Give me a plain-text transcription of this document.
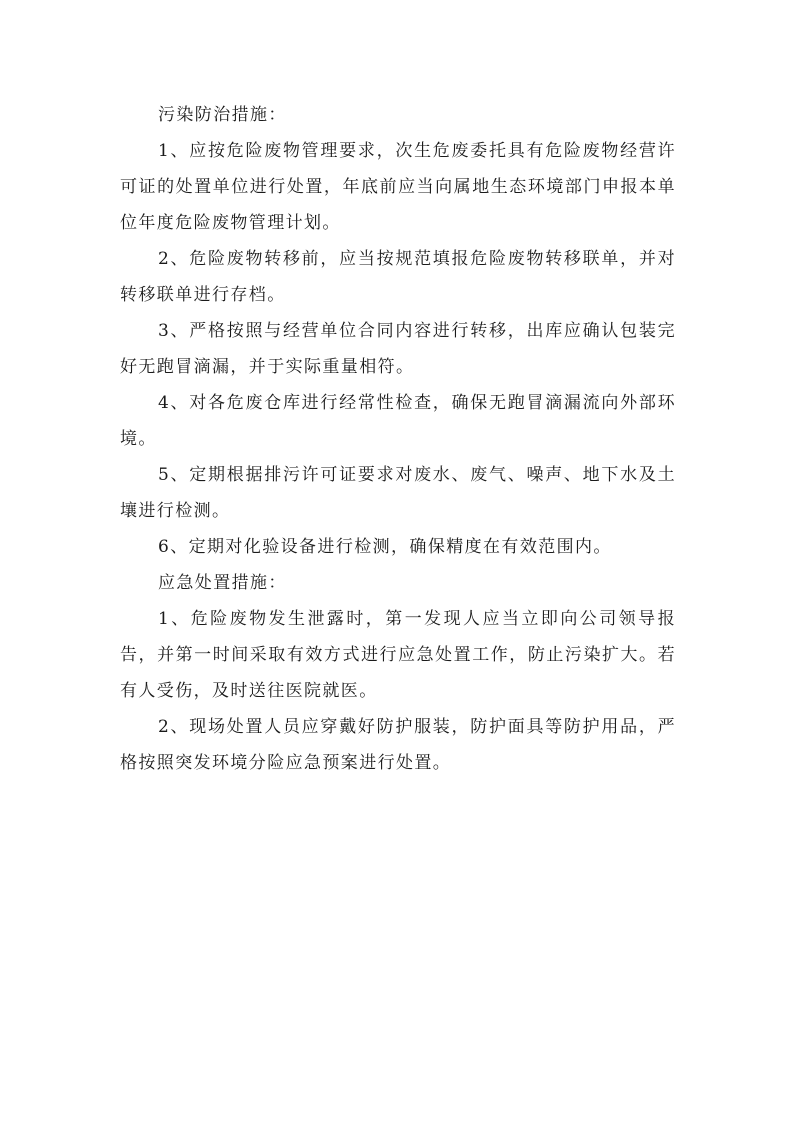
污染防治措施：

1、应按危险废物管理要求，次生危废委托具有危险废物经营许可证的处置单位进行处置，年底前应当向属地生态环境部门申报本单位年度危险废物管理计划。

2、危险废物转移前，应当按规范填报危险废物转移联单，并对转移联单进行存档。

3、严格按照与经营单位合同内容进行转移，出库应确认包装完好无跑冒滴漏，并于实际重量相符。

4、对各危废仓库进行经常性检查，确保无跑冒滴漏流向外部环境。

5、定期根据排污许可证要求对废水、废气、噪声、地下水及土壤进行检测。

6、定期对化验设备进行检测，确保精度在有效范围内。

应急处置措施：

1、危险废物发生泄露时，第一发现人应当立即向公司领导报告，并第一时间采取有效方式进行应急处置工作，防止污染扩大。若有人受伤，及时送往医院就医。

2、现场处置人员应穿戴好防护服装，防护面具等防护用品，严格按照突发环境分险应急预案进行处置。
